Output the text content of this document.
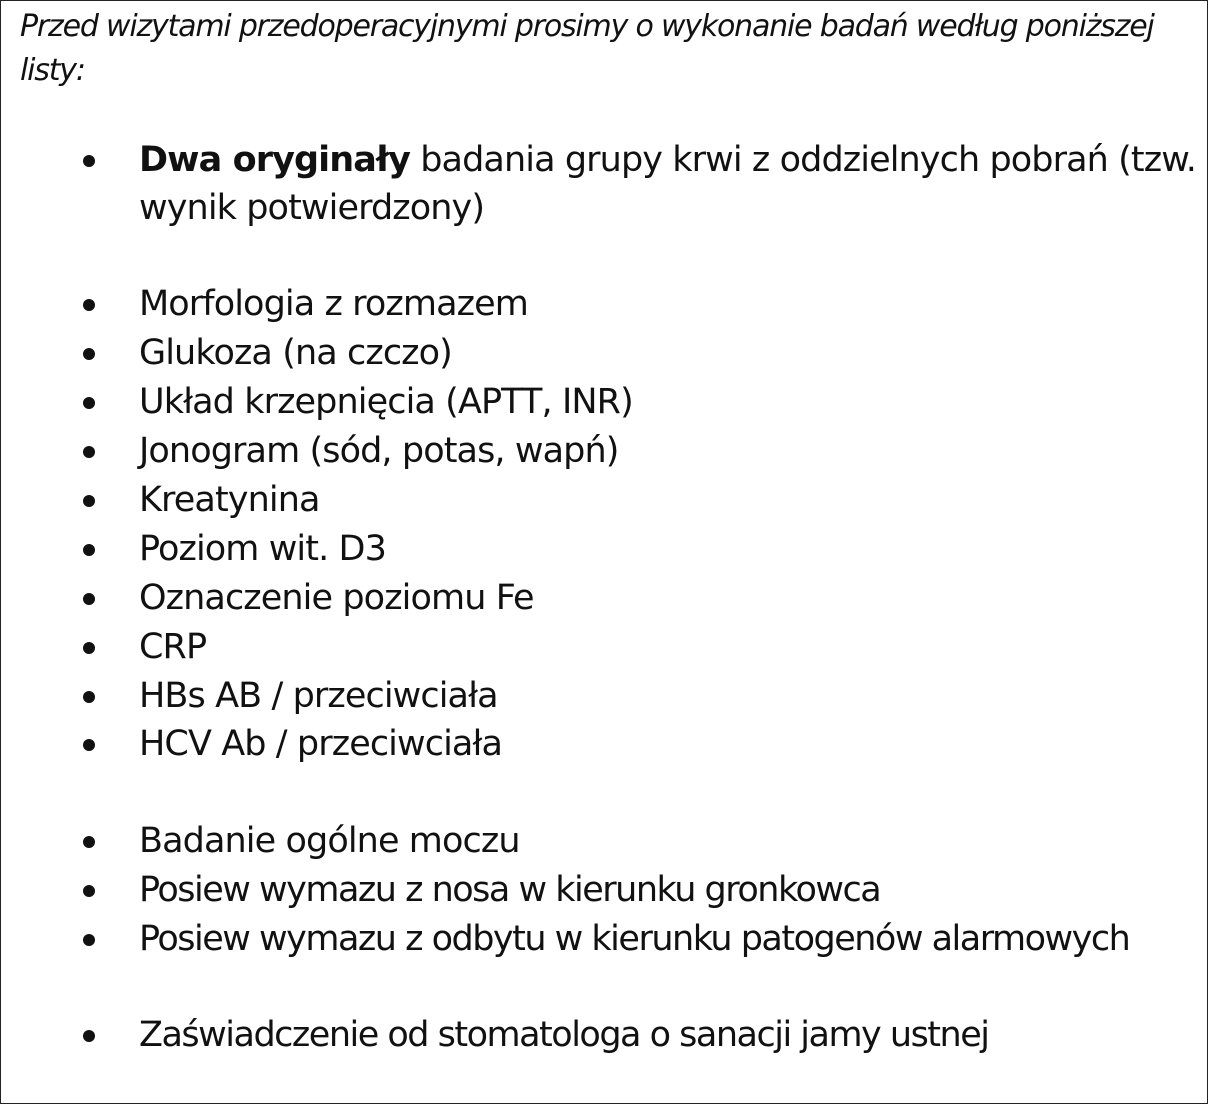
Przed wizytami przedoperacyjnymi prosimy o wykonanie badań według poniższej listy:

Dwa oryginały badania grupy krwi z oddzielnych pobrań (tzw. wynik potwierdzony)
Morfologia z rozmazem
Glukoza (na czczo)
Układ krzepnięcia (APTT, INR)
Jonogram (sód, potas, wapń)
Kreatynina
Poziom wit. D3
Oznaczenie poziomu Fe
CRP
HBs AB / przeciwciała
HCV Ab / przeciwciała
Badanie ogólne moczu
Posiew wymazu z nosa w kierunku gronkowca
Posiew wymazu z odbytu w kierunku patogenów alarmowych
Zaświadczenie od stomatologa o sanacji jamy ustnej
